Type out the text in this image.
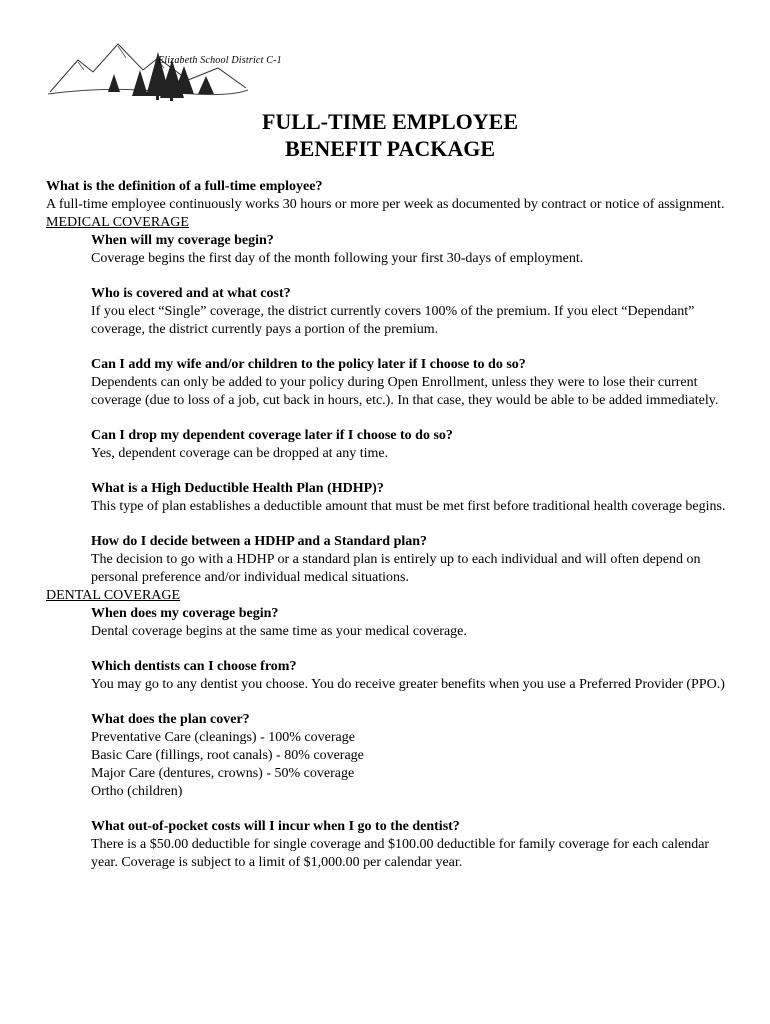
Elizabeth School District C-1
FULL-TIME EMPLOYEE
BENEFIT PACKAGE

What is the definition of a full-time employee?

A full-time employee continuously works 30 hours or more per week as documented by contract or notice of assignment.

MEDICAL COVERAGE

When will my coverage begin?

Coverage begins the first day of the month following your first 30-days of employment.

Who is covered and at what cost?

If you elect “Single” coverage, the district currently covers 100% of the premium. If you elect “Dependant” coverage, the district currently pays a portion of the premium.

Can I add my wife and/or children to the policy later if I choose to do so?

Dependents can only be added to your policy during Open Enrollment, unless they were to lose their current coverage (due to loss of a job, cut back in hours, etc.). In that case, they would be able to be added immediately.

Can I drop my dependent coverage later if I choose to do so?

Yes, dependent coverage can be dropped at any time.

What is a High Deductible Health Plan (HDHP)?

This type of plan establishes a deductible amount that must be met first before traditional health coverage begins.

How do I decide between a HDHP and a Standard plan?

The decision to go with a HDHP or a standard plan is entirely up to each individual and will often depend on personal preference and/or individual medical situations.

DENTAL COVERAGE

When does my coverage begin?

Dental coverage begins at the same time as your medical coverage.

Which dentists can I choose from?

You may go to any dentist you choose. You do receive greater benefits when you use a Preferred Provider (PPO.)

What does the plan cover?

Preventative Care (cleanings) - 100% coverage

Basic Care (fillings, root canals) - 80% coverage

Major Care (dentures, crowns) - 50% coverage

Ortho (children)

What out-of-pocket costs will I incur when I go to the dentist?

There is a $50.00 deductible for single coverage and $100.00 deductible for family coverage for each calendar year. Coverage is subject to a limit of $1,000.00 per calendar year.
